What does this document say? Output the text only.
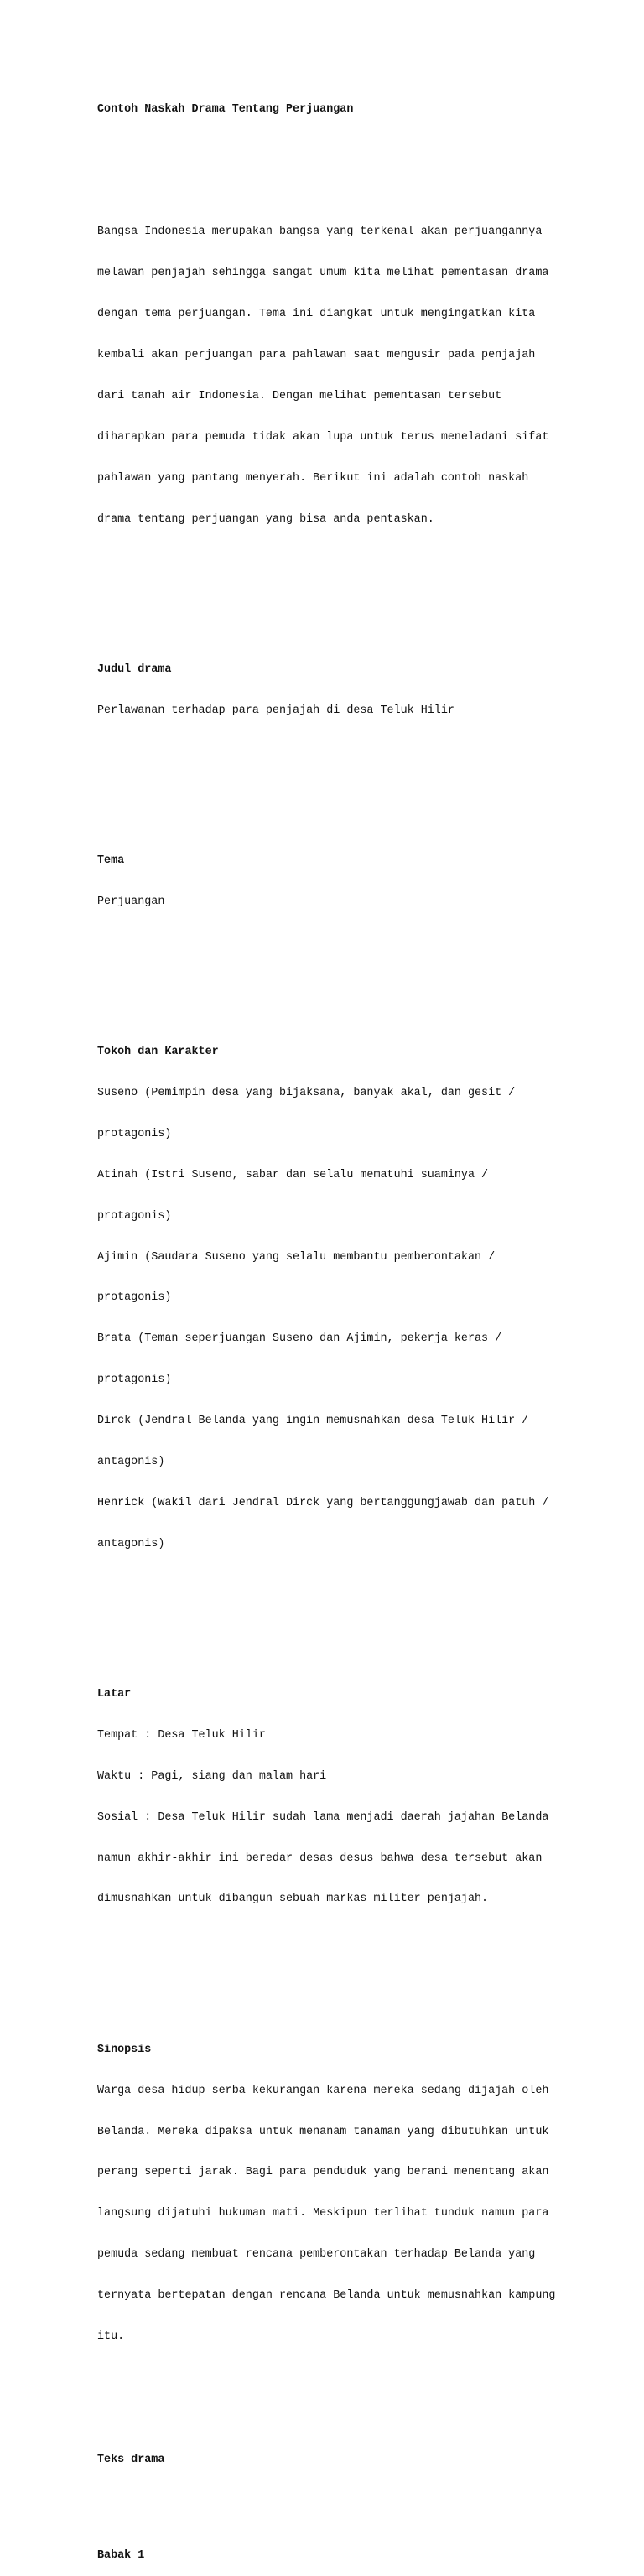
Contoh Naskah Drama Tentang Perjuangan

Bangsa Indonesia merupakan bangsa yang terkenal akan perjuangannya

melawan penjajah sehingga sangat umum kita melihat pementasan drama

dengan tema perjuangan. Tema ini diangkat untuk mengingatkan kita

kembali akan perjuangan para pahlawan saat mengusir pada penjajah

dari tanah air Indonesia. Dengan melihat pementasan tersebut

diharapkan para pemuda tidak akan lupa untuk terus meneladani sifat

pahlawan yang pantang menyerah. Berikut ini adalah contoh naskah

drama tentang perjuangan yang bisa anda pentaskan.

Judul drama

Perlawanan terhadap para penjajah di desa Teluk Hilir

Tema

Perjuangan

Tokoh dan Karakter

Suseno (Pemimpin desa yang bijaksana, banyak akal, dan gesit /

protagonis)

Atinah (Istri Suseno, sabar dan selalu mematuhi suaminya /

protagonis)

Ajimin (Saudara Suseno yang selalu membantu pemberontakan /

protagonis)

Brata (Teman seperjuangan Suseno dan Ajimin, pekerja keras /

protagonis)

Dirck (Jendral Belanda yang ingin memusnahkan desa Teluk Hilir /

antagonis)

Henrick (Wakil dari Jendral Dirck yang bertanggungjawab dan patuh /

antagonis)

Latar

Tempat : Desa Teluk Hilir

Waktu : Pagi, siang dan malam hari

Sosial : Desa Teluk Hilir sudah lama menjadi daerah jajahan Belanda

namun akhir-akhir ini beredar desas desus bahwa desa tersebut akan

dimusnahkan untuk dibangun sebuah markas militer penjajah.

Sinopsis

Warga desa hidup serba kekurangan karena mereka sedang dijajah oleh

Belanda. Mereka dipaksa untuk menanam tanaman yang dibutuhkan untuk

perang seperti jarak. Bagi para penduduk yang berani menentang akan

langsung dijatuhi hukuman mati. Meskipun terlihat tunduk namun para

pemuda sedang membuat rencana pemberontakan terhadap Belanda yang

ternyata bertepatan dengan rencana Belanda untuk memusnahkan kampung

itu.

Teks drama

Babak 1
